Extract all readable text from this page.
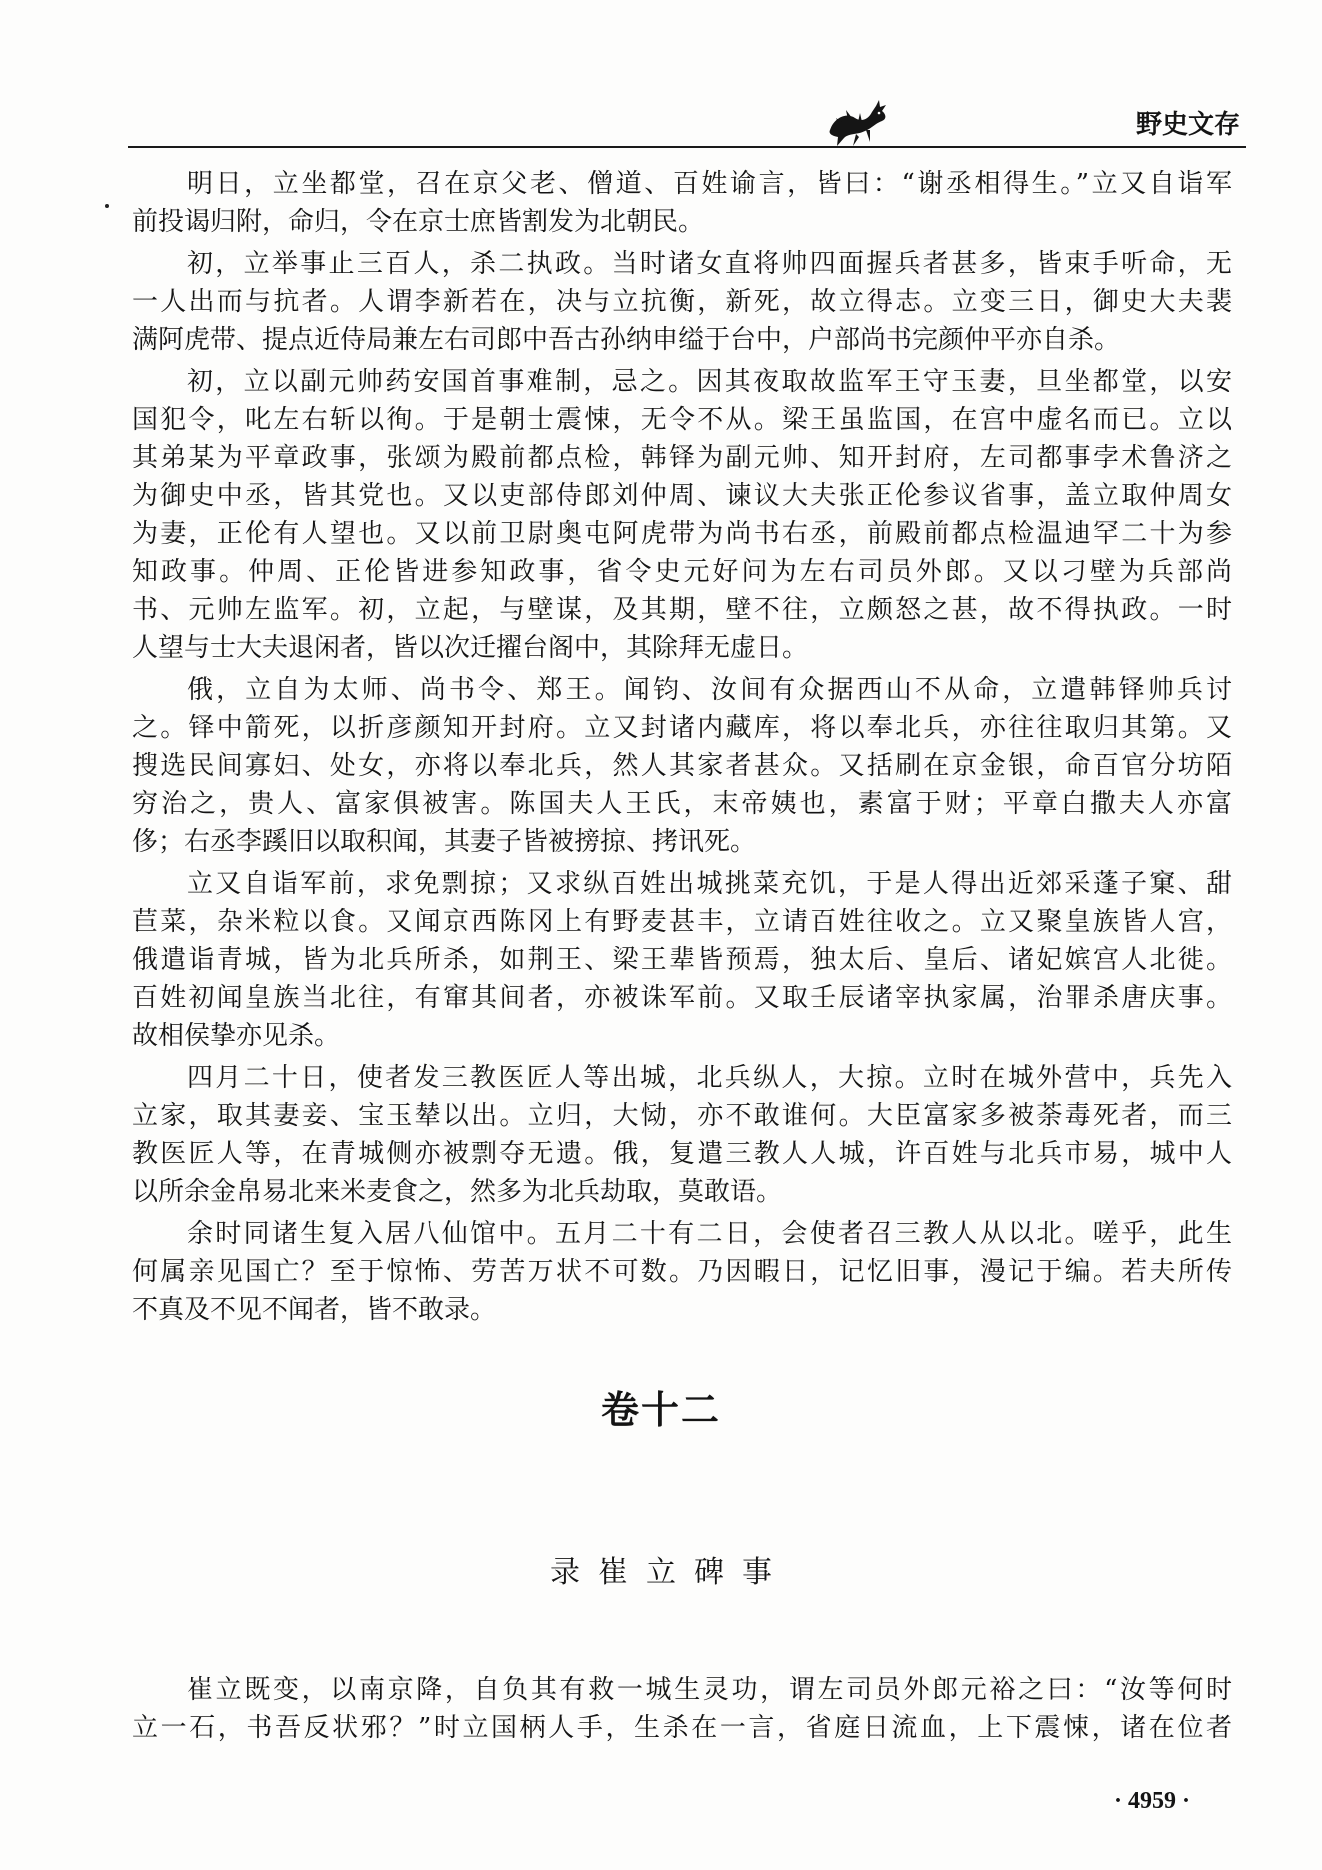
野史文存
明日，立坐都堂，召在京父老、僧道、百姓谕言，皆曰：“谢丞相得生。”立又自诣军
前投谒归附，命归，令在京士庶皆割发为北朝民。
初，立举事止三百人，杀二执政。当时诸女直将帅四面握兵者甚多，皆束手听命，无
一人出而与抗者。人谓李新若在，决与立抗衡，新死，故立得志。立变三日，御史大夫裴
满阿虎带、提点近侍局兼左右司郎中吾古孙纳申缢于台中，户部尚书完颜仲平亦自杀。
初，立以副元帅药安国首事难制，忌之。因其夜取故监军王守玉妻，旦坐都堂，以安
国犯令，叱左右斩以徇。于是朝士震悚，无令不从。梁王虽监国，在宫中虚名而已。立以
其弟某为平章政事，张颂为殿前都点检，韩铎为副元帅、知开封府，左司都事孛术鲁济之
为御史中丞，皆其党也。又以吏部侍郎刘仲周、谏议大夫张正伦参议省事，盖立取仲周女
为妻，正伦有人望也。又以前卫尉奥屯阿虎带为尚书右丞，前殿前都点检温迪罕二十为参
知政事。仲周、正伦皆进参知政事，省令史元好问为左右司员外郎。又以刁壁为兵部尚
书、元帅左监军。初，立起，与壁谋，及其期，壁不往，立颇怒之甚，故不得执政。一时
人望与士大夫退闲者，皆以次迁擢台阁中，其除拜无虚日。
俄，立自为太师、尚书令、郑王。闻钧、汝间有众据西山不从命，立遣韩铎帅兵讨
之。铎中箭死，以折彦颜知开封府。立又封诸内藏库，将以奉北兵，亦往往取归其第。又
搜选民间寡妇、处女，亦将以奉北兵，然人其家者甚众。又括刷在京金银，命百官分坊陌
穷治之，贵人、富家俱被害。陈国夫人王氏，末帝姨也，素富于财；平章白撒夫人亦富
侈；右丞李蹊旧以取积闻，其妻子皆被搒掠、拷讯死。
立又自诣军前，求免剽掠；又求纵百姓出城挑菜充饥，于是人得出近郊采蓬子窠、甜
苣菜，杂米粒以食。又闻京西陈冈上有野麦甚丰，立请百姓往收之。立又聚皇族皆人宫，
俄遣诣青城，皆为北兵所杀，如荆王、梁王辈皆预焉，独太后、皇后、诸妃嫔宫人北徙。
百姓初闻皇族当北往，有窜其间者，亦被诛军前。又取壬辰诸宰执家属，治罪杀唐庆事。
故相侯挚亦见杀。
四月二十日，使者发三教医匠人等出城，北兵纵人，大掠。立时在城外营中，兵先入
立家，取其妻妾、宝玉辇以出。立归，大恸，亦不敢谁何。大臣富家多被荼毒死者，而三
教医匠人等，在青城侧亦被剽夺无遗。俄，复遣三教人人城，许百姓与北兵市易，城中人
以所余金帛易北来米麦食之，然多为北兵劫取，莫敢语。
余时同诸生复入居八仙馆中。五月二十有二日，会使者召三教人从以北。嗟乎，此生
何属亲见国亡？至于惊怖、劳苦万状不可数。乃因暇日，记忆旧事，漫记于编。若夫所传
不真及不见不闻者，皆不敢录。
卷十二
录崔立碑事
崔立既变，以南京降，自负其有救一城生灵功，谓左司员外郎元裕之曰：“汝等何时
立一石，书吾反状邪？”时立国柄人手，生杀在一言，省庭日流血，上下震悚，诸在位者
· 4959 ·
